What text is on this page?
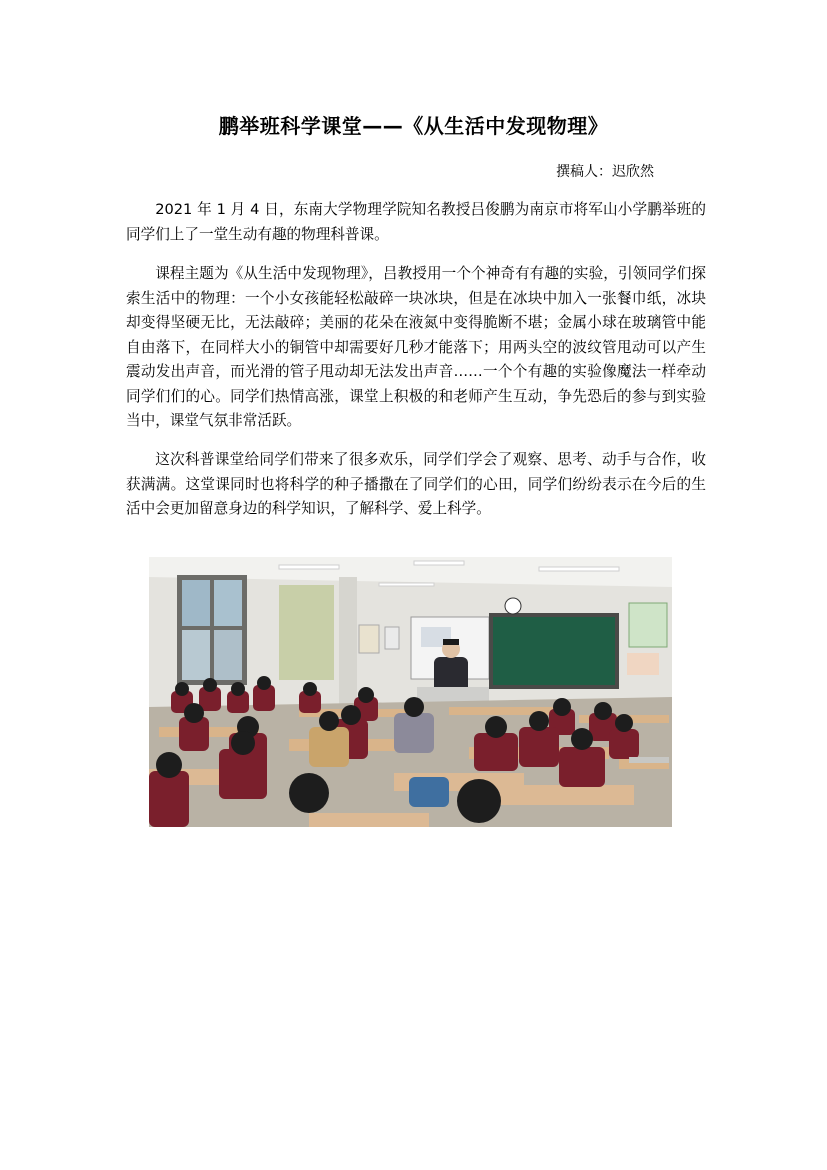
鹏举班科学课堂——《从生活中发现物理》
撰稿人：迟欣然

2021 年 1 月 4 日，东南大学物理学院知名教授吕俊鹏为南京市将军山小学鹏举班的同学们上了一堂生动有趣的物理科普课。

课程主题为《从生活中发现物理》，吕教授用一个个神奇有有趣的实验，引领同学们探索生活中的物理：一个小女孩能轻松敲碎一块冰块，但是在冰块中加入一张餐巾纸，冰块却变得坚硬无比，无法敲碎；美丽的花朵在液氮中变得脆断不堪；金属小球在玻璃管中能自由落下，在同样大小的铜管中却需要好几秒才能落下；用两头空的波纹管甩动可以产生震动发出声音，而光滑的管子甩动却无法发出声音……一个个有趣的实验像魔法一样牵动同学们们的心。同学们热情高涨，课堂上积极的和老师产生互动，争先恐后的参与到实验当中，课堂气氛非常活跃。

这次科普课堂给同学们带来了很多欢乐，同学们学会了观察、思考、动手与合作，收获满满。这堂课同时也将科学的种子播撒在了同学们的心田，同学们纷纷表示在今后的生活中会更加留意身边的科学知识，了解科学、爱上科学。
